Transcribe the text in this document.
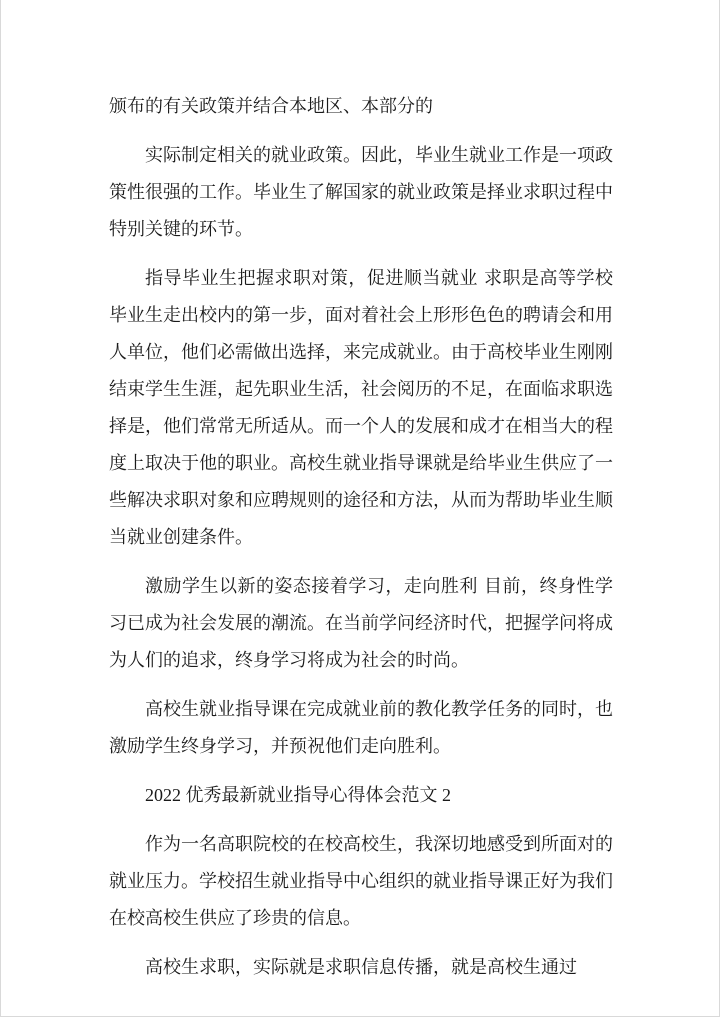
颁布的有关政策并结合本地区、本部分的

实际制定相关的就业政策。因此，毕业生就业工作是一项政策性很强的工作。毕业生了解国家的就业政策是择业求职过程中特别关键的环节。

指导毕业生把握求职对策，促进顺当就业 求职是高等学校毕业生走出校内的第一步，面对着社会上形形色色的聘请会和用人单位，他们必需做出选择，来完成就业。由于高校毕业生刚刚结束学生生涯，起先职业生活，社会阅历的不足，在面临求职选择是，他们常常无所适从。而一个人的发展和成才在相当大的程度上取决于他的职业。高校生就业指导课就是给毕业生供应了一些解决求职对象和应聘规则的途径和方法，从而为帮助毕业生顺当就业创建条件。

激励学生以新的姿态接着学习，走向胜利 目前，终身性学习已成为社会发展的潮流。在当前学问经济时代，把握学问将成为人们的追求，终身学习将成为社会的时尚。

高校生就业指导课在完成就业前的教化教学任务的同时，也激励学生终身学习，并预祝他们走向胜利。

2022 优秀最新就业指导心得体会范文 2

作为一名高职院校的在校高校生，我深切地感受到所面对的就业压力。学校招生就业指导中心组织的就业指导课正好为我们在校高校生供应了珍贵的信息。

高校生求职，实际就是求职信息传播，就是高校生通过
